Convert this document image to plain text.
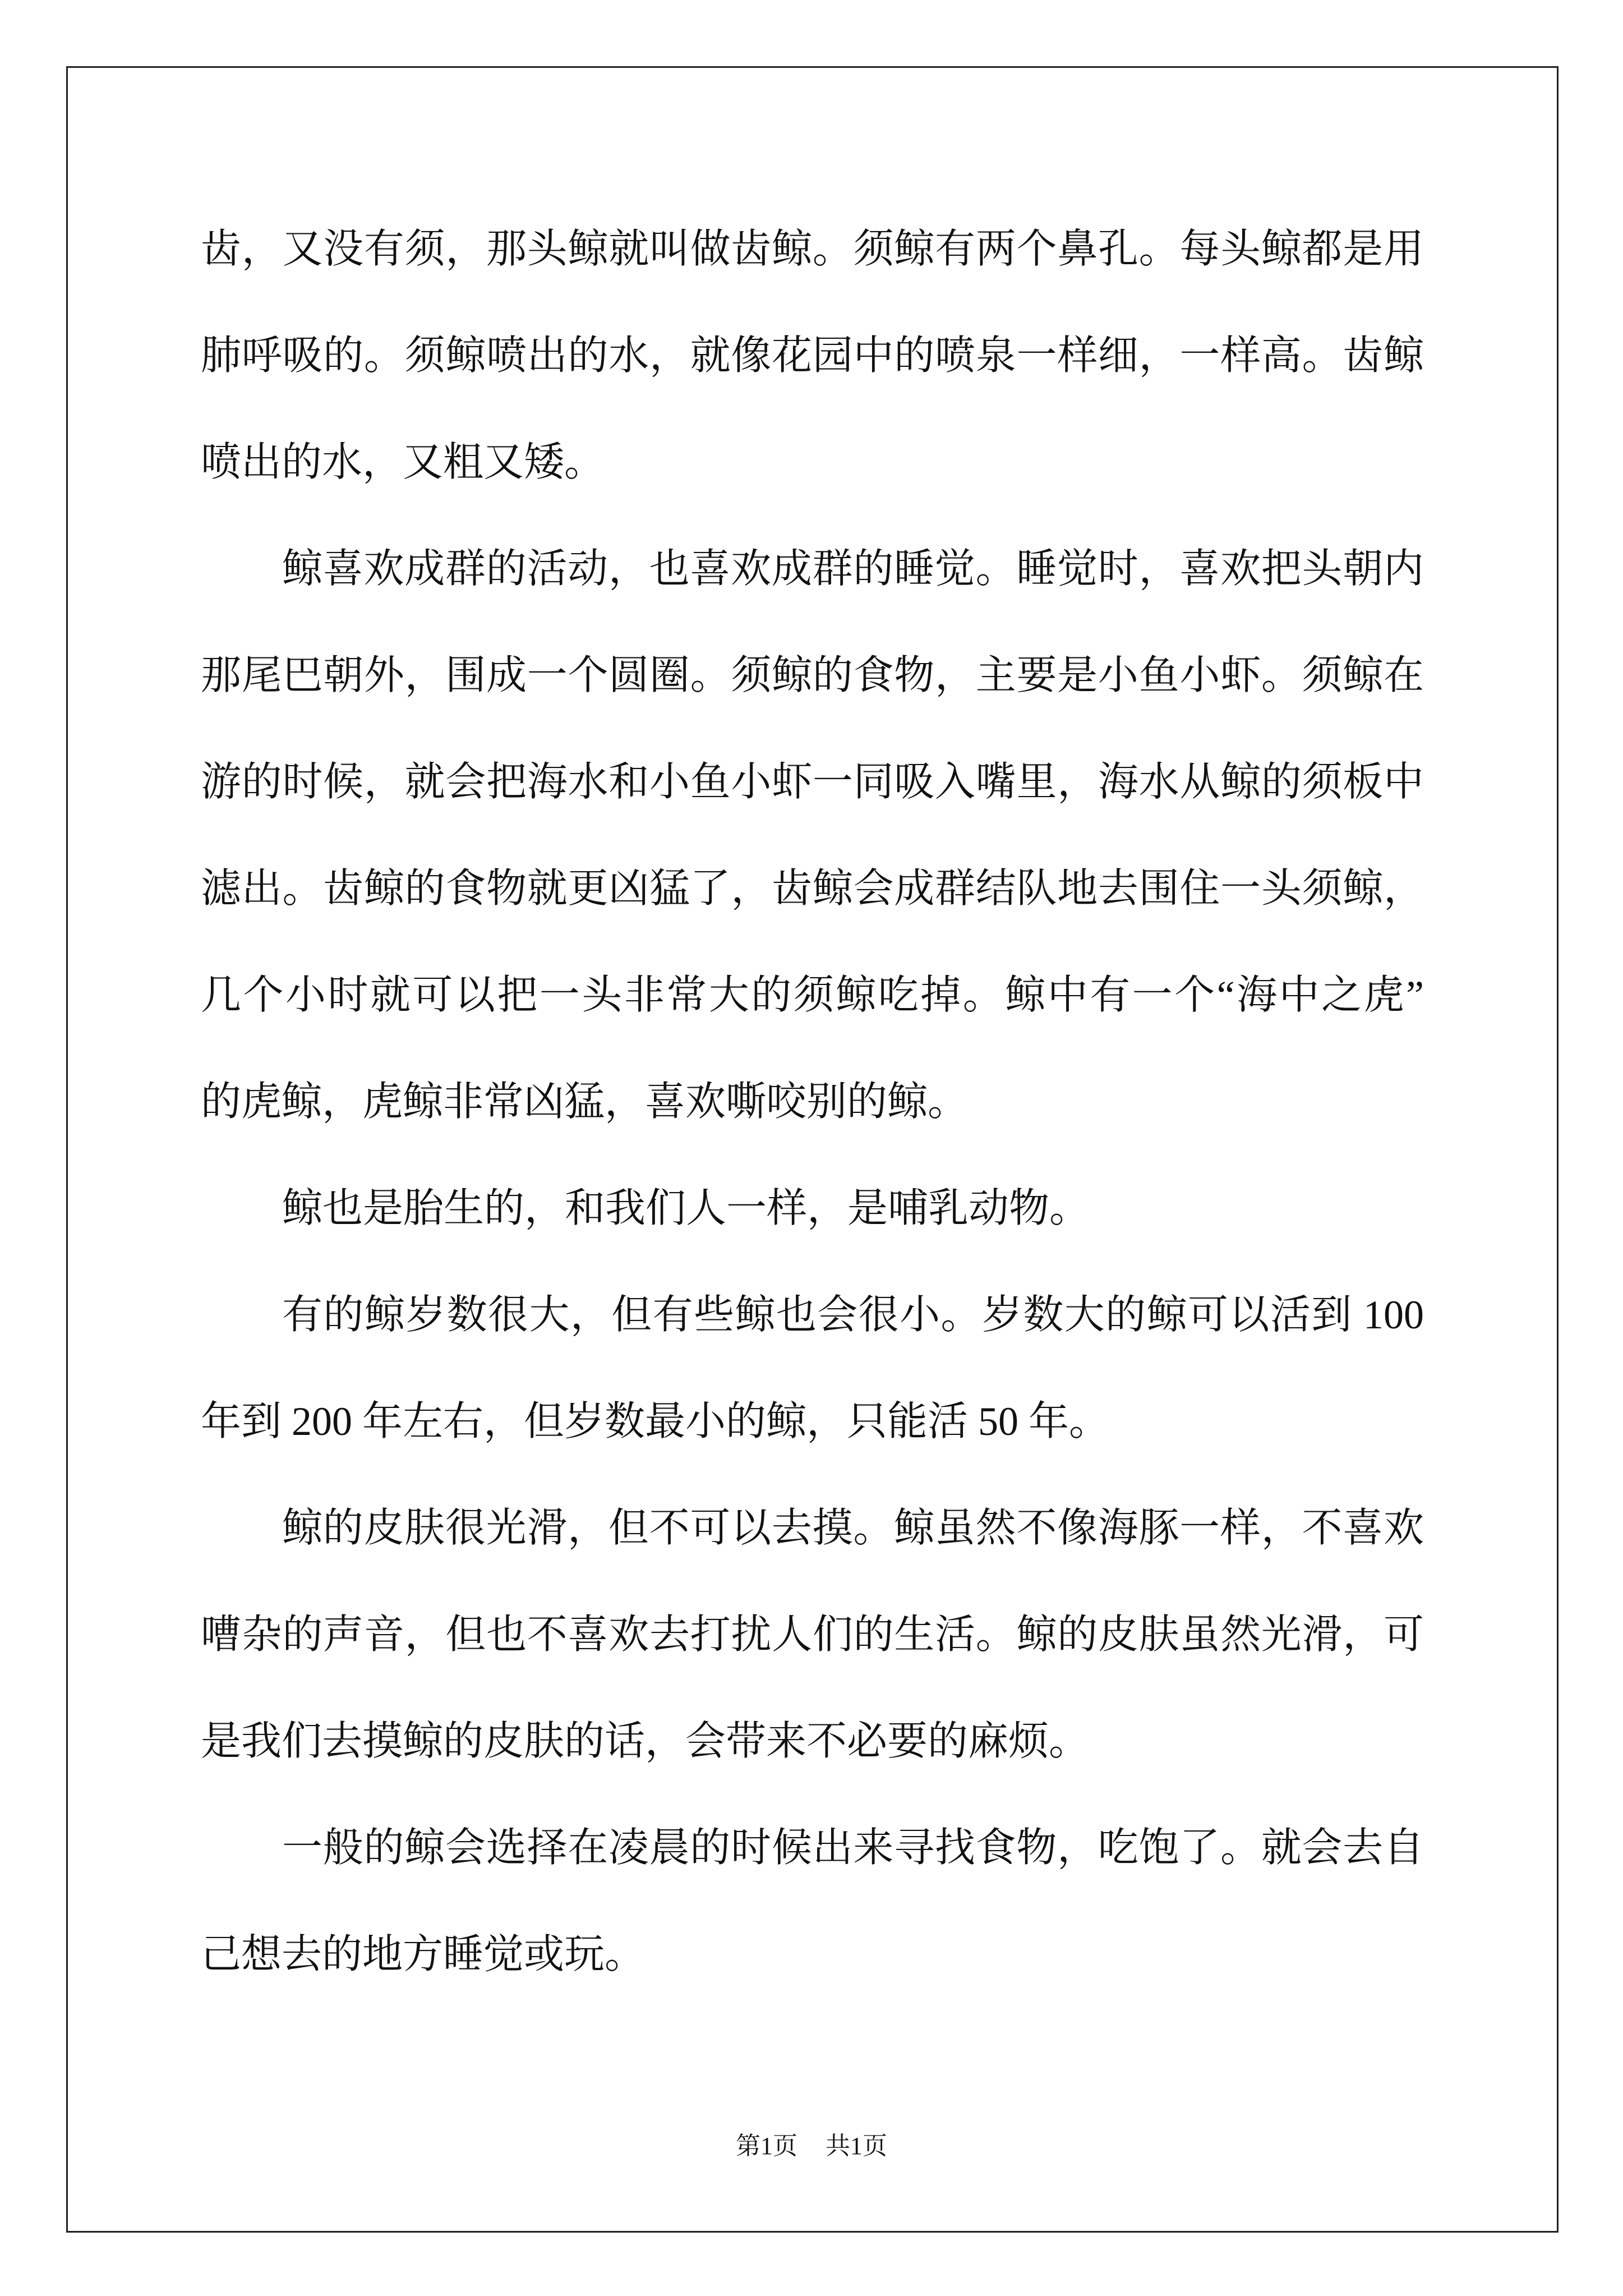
齿，又没有须，那头鲸就叫做齿鲸。须鲸有两个鼻孔。每头鲸都是用
肺呼吸的。须鲸喷出的水，就像花园中的喷泉一样细，一样高。齿鲸
喷出的水，又粗又矮。
鲸喜欢成群的活动，也喜欢成群的睡觉。睡觉时，喜欢把头朝内
那尾巴朝外，围成一个圆圈。须鲸的食物，主要是小鱼小虾。须鲸在
游的时候，就会把海水和小鱼小虾一同吸入嘴里，海水从鲸的须板中
滤出。齿鲸的食物就更凶猛了，齿鲸会成群结队地去围住一头须鲸，
几个小时就可以把一头非常大的须鲸吃掉。鲸中有一个“海中之虎”
的虎鲸，虎鲸非常凶猛，喜欢嘶咬别的鲸。
鲸也是胎生的，和我们人一样，是哺乳动物。
有的鲸岁数很大，但有些鲸也会很小。岁数大的鲸可以活到 100
年到 200 年左右，但岁数最小的鲸，只能活 50 年。
鲸的皮肤很光滑，但不可以去摸。鲸虽然不像海豚一样，不喜欢
嘈杂的声音，但也不喜欢去打扰人们的生活。鲸的皮肤虽然光滑，可
是我们去摸鲸的皮肤的话，会带来不必要的麻烦。
一般的鲸会选择在凌晨的时候出来寻找食物，吃饱了。就会去自
己想去的地方睡觉或玩。
第1页 共1页
